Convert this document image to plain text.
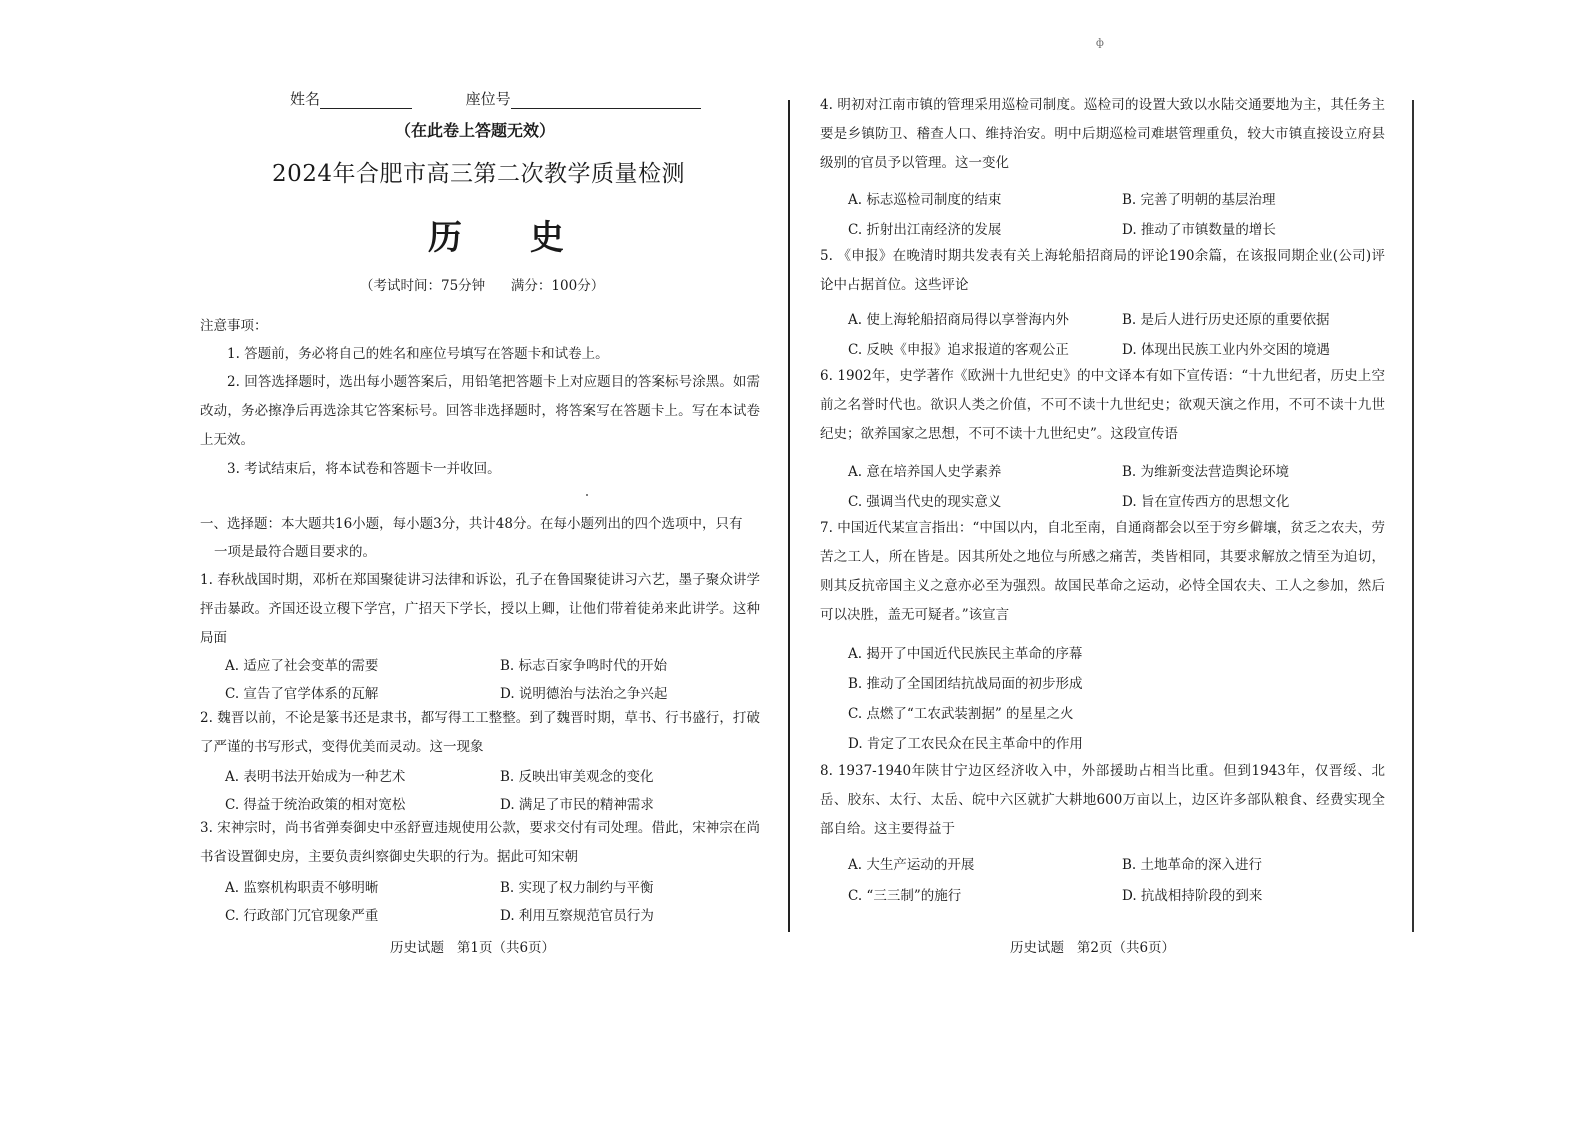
ф
姓名	座位号
（在此卷上答题无效）
2024年合肥市高三第二次教学质量检测
历 史
（考试时间：75分钟      满分：100分）
注意事项：
1. 答题前，务必将自己的姓名和座位号填写在答题卡和试卷上。
2. 回答选择题时，选出每小题答案后，用铅笔把答题卡上对应题目的答案标号涂黑。如需改动，务必擦净后再选涂其它答案标号。回答非选择题时，将答案写在答题卡上。写在本试卷上无效。
3. 考试结束后，将本试卷和答题卡一并收回。
一、选择题：本大题共16小题，每小题3分，共计48分。在每小题列出的四个选项中，只有
一项是最符合题目要求的。
1. 春秋战国时期，邓析在郑国聚徒讲习法律和诉讼，孔子在鲁国聚徒讲习六艺，墨子聚众讲学抨击暴政。齐国还设立稷下学宫，广招天下学长，授以上卿，让他们带着徒弟来此讲学。这种局面
A. 适应了社会变革的需要	B. 标志百家争鸣时代的开始
C. 宣告了官学体系的瓦解	D. 说明德治与法治之争兴起
2. 魏晋以前，不论是篆书还是隶书，都写得工工整整。到了魏晋时期，草书、行书盛行，打破了严谨的书写形式，变得优美而灵动。这一现象
A. 表明书法开始成为一种艺术	B. 反映出审美观念的变化
C. 得益于统治政策的相对宽松	D. 满足了市民的精神需求
3. 宋神宗时，尚书省弹奏御史中丞舒亶违规使用公款，要求交付有司处理。借此，宋神宗在尚书省设置御史房，主要负责纠察御史失职的行为。据此可知宋朝
A. 监察机构职责不够明晰	B. 实现了权力制约与平衡
C. 行政部门冗官现象严重	D. 利用互察规范官员行为
历史试题   第1页（共6页）
4. 明初对江南市镇的管理采用巡检司制度。巡检司的设置大致以水陆交通要地为主，其任务主要是乡镇防卫、稽查人口、维持治安。明中后期巡检司难堪管理重负，较大市镇直接设立府县级别的官员予以管理。这一变化
A. 标志巡检司制度的结束	B. 完善了明朝的基层治理
C. 折射出江南经济的发展	D. 推动了市镇数量的增长
5. 《申报》在晚清时期共发表有关上海轮船招商局的评论190余篇，在该报同期企业(公司)评论中占据首位。这些评论
A. 使上海轮船招商局得以享誉海内外	B. 是后人进行历史还原的重要依据
C. 反映《申报》追求报道的客观公正	D. 体现出民族工业内外交困的境遇
6. 1902年，史学著作《欧洲十九世纪史》的中文译本有如下宣传语：“十九世纪者，历史上空前之名誉时代也。欲识人类之价值，不可不读十九世纪史；欲观天演之作用，不可不读十九世纪史；欲养国家之思想，不可不读十九世纪史”。这段宣传语
A. 意在培养国人史学素养	B. 为维新变法营造舆论环境
C. 强调当代史的现实意义	D. 旨在宣传西方的思想文化
7. 中国近代某宣言指出：“中国以内，自北至南，自通商都会以至于穷乡僻壤，贫乏之农夫，劳苦之工人，所在皆是。因其所处之地位与所感之痛苦，类皆相同，其要求解放之情至为迫切，则其反抗帝国主义之意亦必至为强烈。故国民革命之运动，必恃全国农夫、工人之参加，然后可以决胜，盖无可疑者。”该宣言
A. 揭开了中国近代民族民主革命的序幕
B. 推动了全国团结抗战局面的初步形成
C. 点燃了“工农武装割据” 的星星之火
D. 肯定了工农民众在民主革命中的作用
8. 1937-1940年陕甘宁边区经济收入中，外部援助占相当比重。但到1943年，仅晋绥、北岳、胶东、太行、太岳、皖中六区就扩大耕地600万亩以上，边区许多部队粮食、经费实现全部自给。这主要得益于
A. 大生产运动的开展	B. 土地革命的深入进行
C. “三三制”的施行	D. 抗战相持阶段的到来
历史试题   第2页（共6页）
